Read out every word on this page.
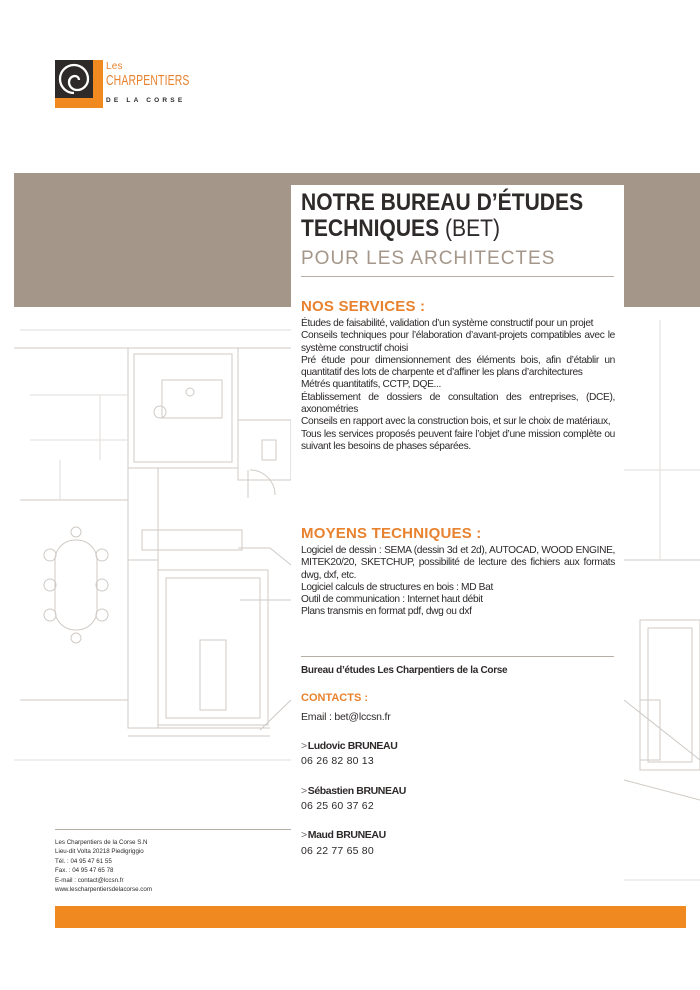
Les
CHARPENTIERS
DE LA CORSE
NOTRE BUREAU D’ÉTUDES
TECHNIQUES (BET)
POUR LES ARCHITECTES
NOS SERVICES :
Études de faisabilité, validation d’un système constructif pour un projet
Conseils techniques pour l’élaboration d’avant-projets compatibles avec le système constructif choisi
Pré étude pour dimensionnement des éléments bois, afin d’établir un quantitatif des lots de charpente et d’affiner les plans d’architectures
Métrés quantitatifs, CCTP, DQE...
Établissement de dossiers de consultation des entreprises, (DCE), axonométries
Conseils en rapport avec la construction bois, et sur le choix de matériaux,
Tous les services proposés peuvent faire l’objet d’une mission complète ou suivant les besoins de phases séparées.
MOYENS TECHNIQUES :
Logiciel de dessin : SEMA (dessin 3d et 2d), AUTOCAD, WOOD ENGINE, MITEK20/20, SKETCHUP, possibilité de lecture des fichiers aux formats dwg, dxf, etc.
Logiciel calculs de structures en bois : MD Bat
Outil de communication : Internet haut débit
Plans transmis en format pdf, dwg ou dxf
Bureau d’études Les Charpentiers de la Corse
CONTACTS :
Email : bet@lccsn.fr
>Ludovic BRUNEAU
06 26 82 80 13
>Sébastien BRUNEAU
06 25 60 37 62
>Maud BRUNEAU
06 22 77 65 80
Les Charpentiers de la Corse S.N
Lieu-dit Volta 20218 Piedigriggio
Tél. : 04 95 47 61 55
Fax. : 04 95 47 65 78
E-mail : contact@lccsn.fr
www.lescharpentiersdelacorse.com
